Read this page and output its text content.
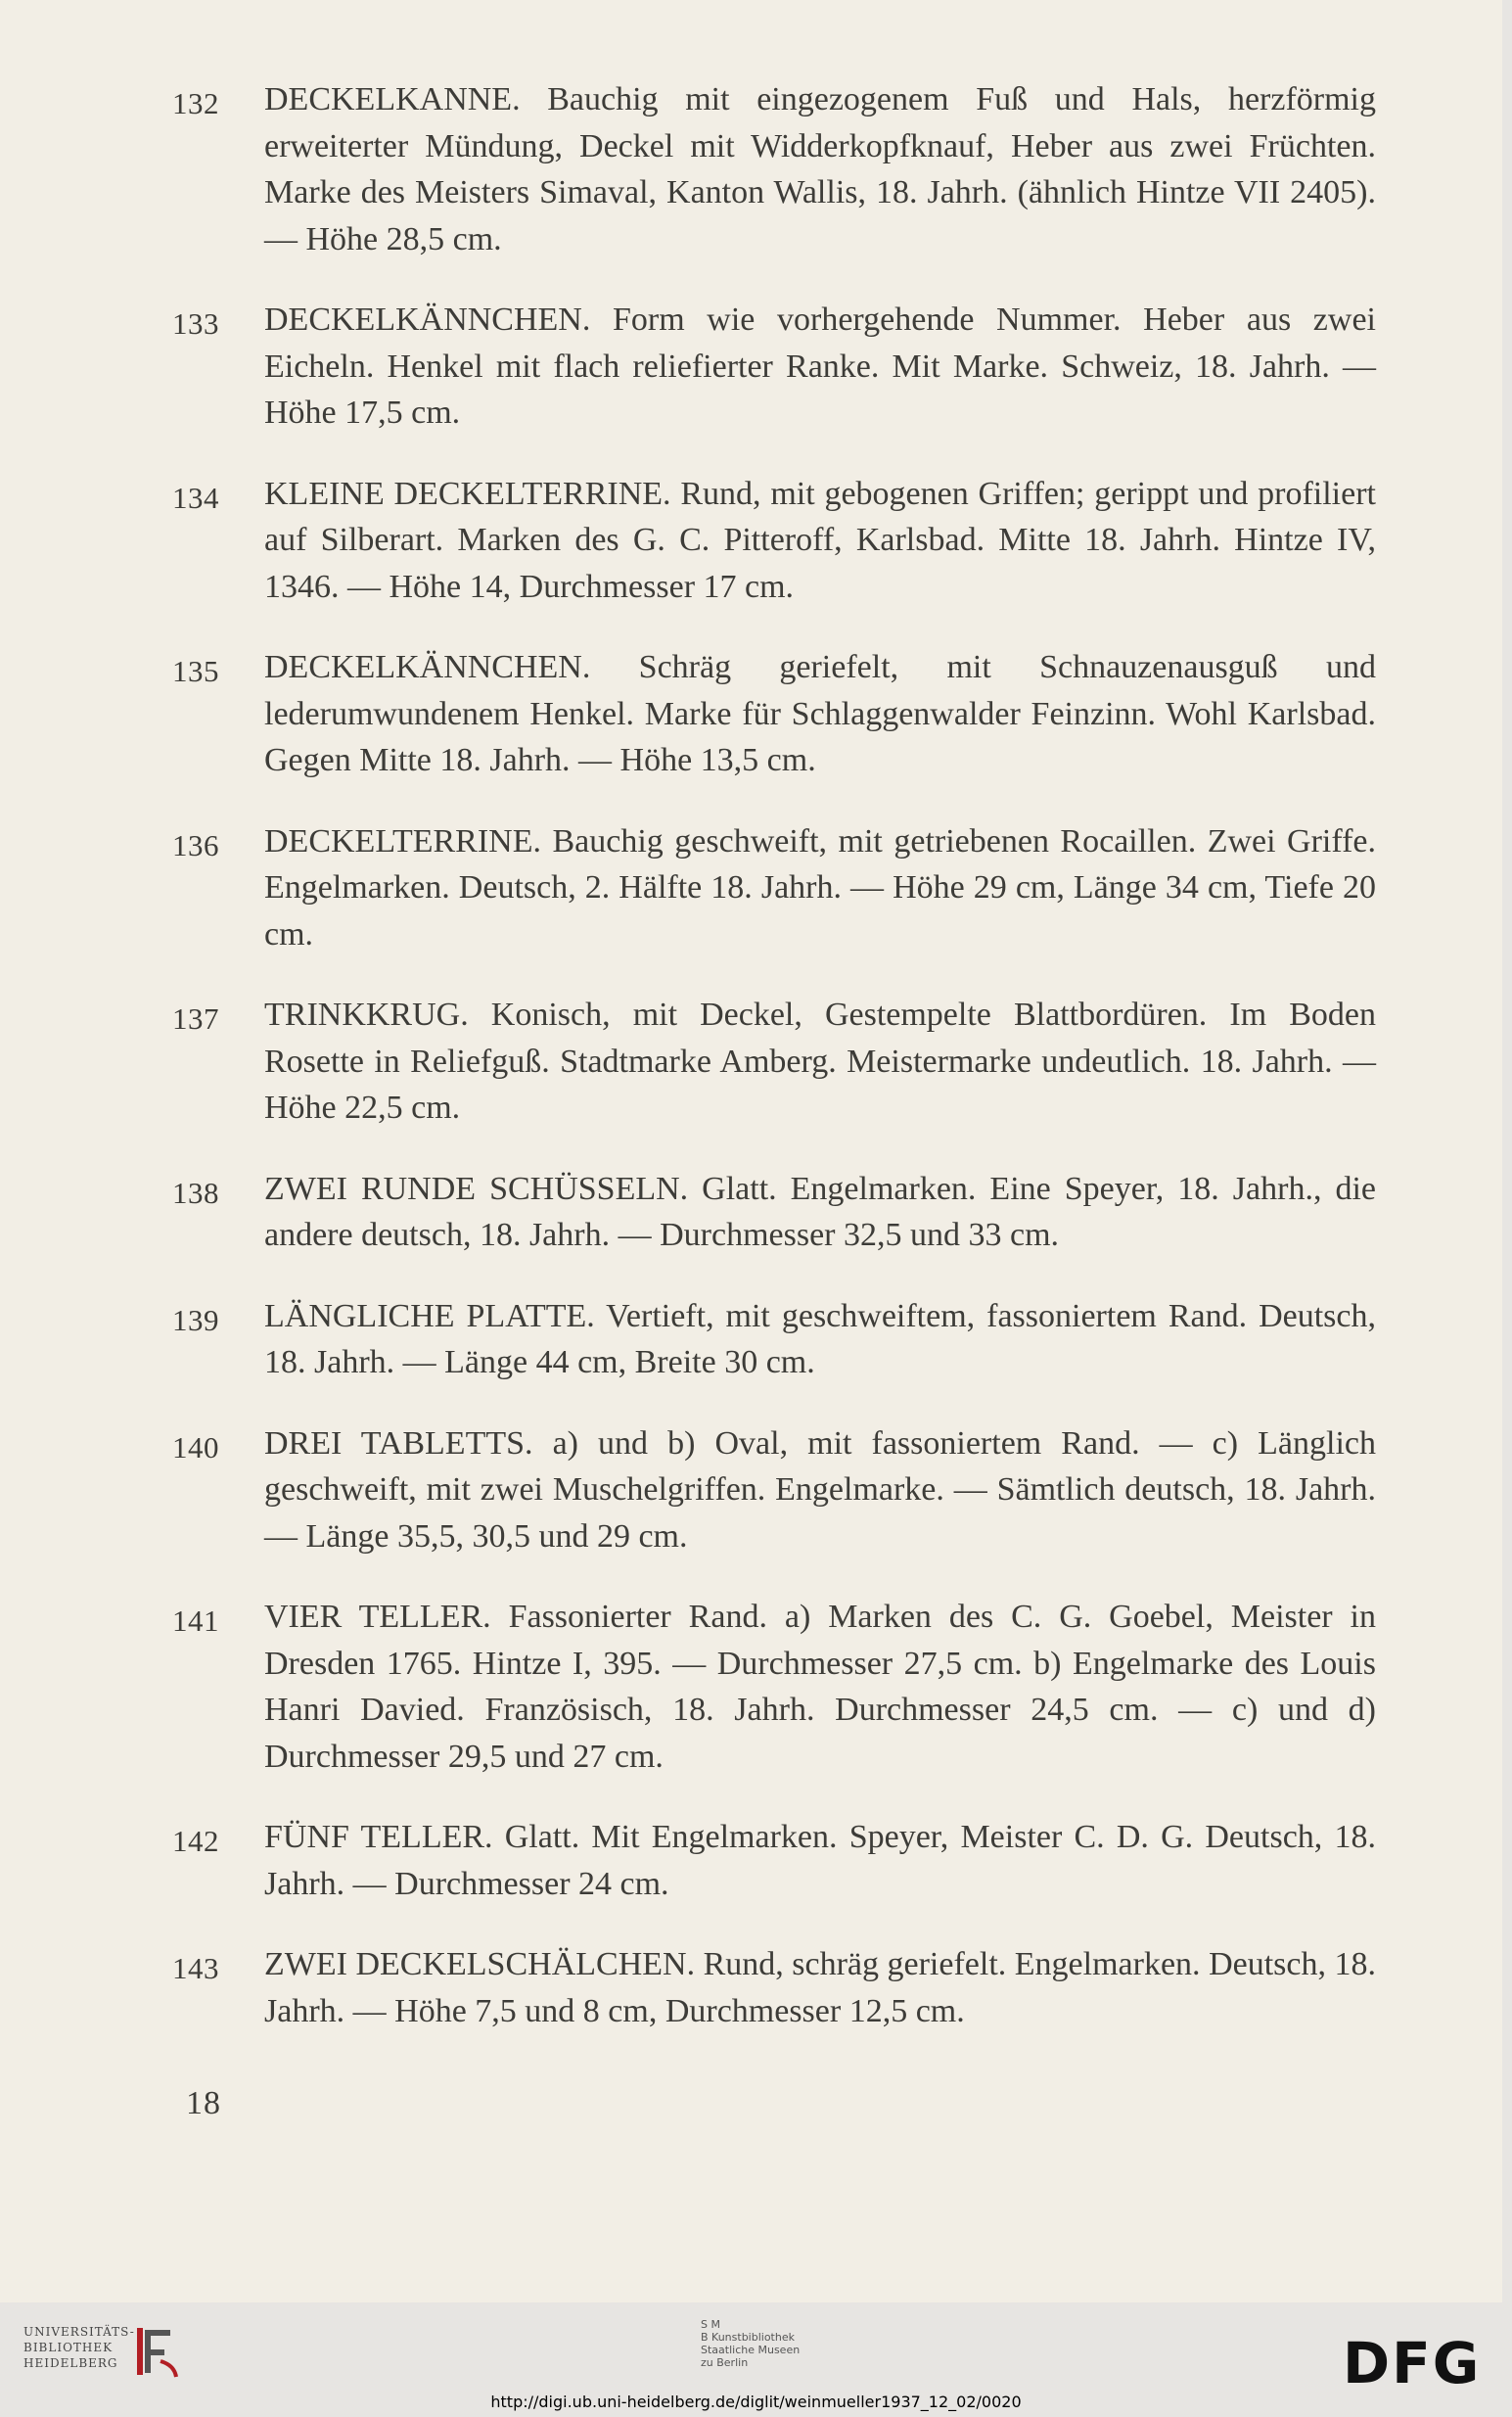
132 DECKELKANNE. Bauchig mit eingezogenem Fuß und Hals, herzförmig erweiterter Mündung, Deckel mit Widderkopfknauf, Heber aus zwei Früchten. Marke des Meisters Simaval, Kanton Wallis, 18. Jahrh. (ähnlich Hintze VII 2405). — Höhe 28,5 cm.
133 DECKELKÄNNCHEN. Form wie vorhergehende Nummer. Heber aus zwei Eicheln. Henkel mit flach reliefierter Ranke. Mit Marke. Schweiz, 18. Jahrh. — Höhe 17,5 cm.
134 KLEINE DECKELTERRINE. Rund, mit gebogenen Griffen; gerippt und profiliert auf Silberart. Marken des G. C. Pitteroff, Karlsbad. Mitte 18. Jahrh. Hintze IV, 1346. — Höhe 14, Durchmesser 17 cm.
135 DECKELKÄNNCHEN. Schräg geriefelt, mit Schnauzenausguß und lederumwundenem Henkel. Marke für Schlaggenwalder Feinzinn. Wohl Karlsbad. Gegen Mitte 18. Jahrh. — Höhe 13,5 cm.
136 DECKELTERRINE. Bauchig geschweift, mit getriebenen Rocaillen. Zwei Griffe. Engelmarken. Deutsch, 2. Hälfte 18. Jahrh. — Höhe 29 cm, Länge 34 cm, Tiefe 20 cm.
137 TRINKKRUG. Konisch, mit Deckel, Gestempelte Blattbordüren. Im Boden Rosette in Reliefguß. Stadtmarke Amberg. Meistermarke undeutlich. 18. Jahrh. — Höhe 22,5 cm.
138 ZWEI RUNDE SCHÜSSELN. Glatt. Engelmarken. Eine Speyer, 18. Jahrh., die andere deutsch, 18. Jahrh. — Durchmesser 32,5 und 33 cm.
139 LÄNGLICHE PLATTE. Vertieft, mit geschweiftem, fassoniertem Rand. Deutsch, 18. Jahrh. — Länge 44 cm, Breite 30 cm.
140 DREI TABLETTS. a) und b) Oval, mit fassoniertem Rand. — c) Länglich geschweift, mit zwei Muschelgriffen. Engelmarke. — Sämtlich deutsch, 18. Jahrh. — Länge 35,5, 30,5 und 29 cm.
141 VIER TELLER. Fassonierter Rand. a) Marken des C. G. Goebel, Meister in Dresden 1765. Hintze I, 395. — Durchmesser 27,5 cm. b) Engelmarke des Louis Hanri Davied. Französisch, 18. Jahrh. Durchmesser 24,5 cm. — c) und d) Durchmesser 29,5 und 27 cm.
142 FÜNF TELLER. Glatt. Mit Engelmarken. Speyer, Meister C. D. G. Deutsch, 18. Jahrh. — Durchmesser 24 cm.
143 ZWEI DECKELSCHÄLCHEN. Rund, schräg geriefelt. Engelmarken. Deutsch, 18. Jahrh. — Höhe 7,5 und 8 cm, Durchmesser 12,5 cm.
18
UNIVERSITÄTS-
BIBLIOTHEK
HEIDELBERG
S M
B Kunstbibliothek
Staatliche Museen
zu Berlin	DFG
http://digi.ub.uni-heidelberg.de/diglit/weinmueller1937_12_02/0020
